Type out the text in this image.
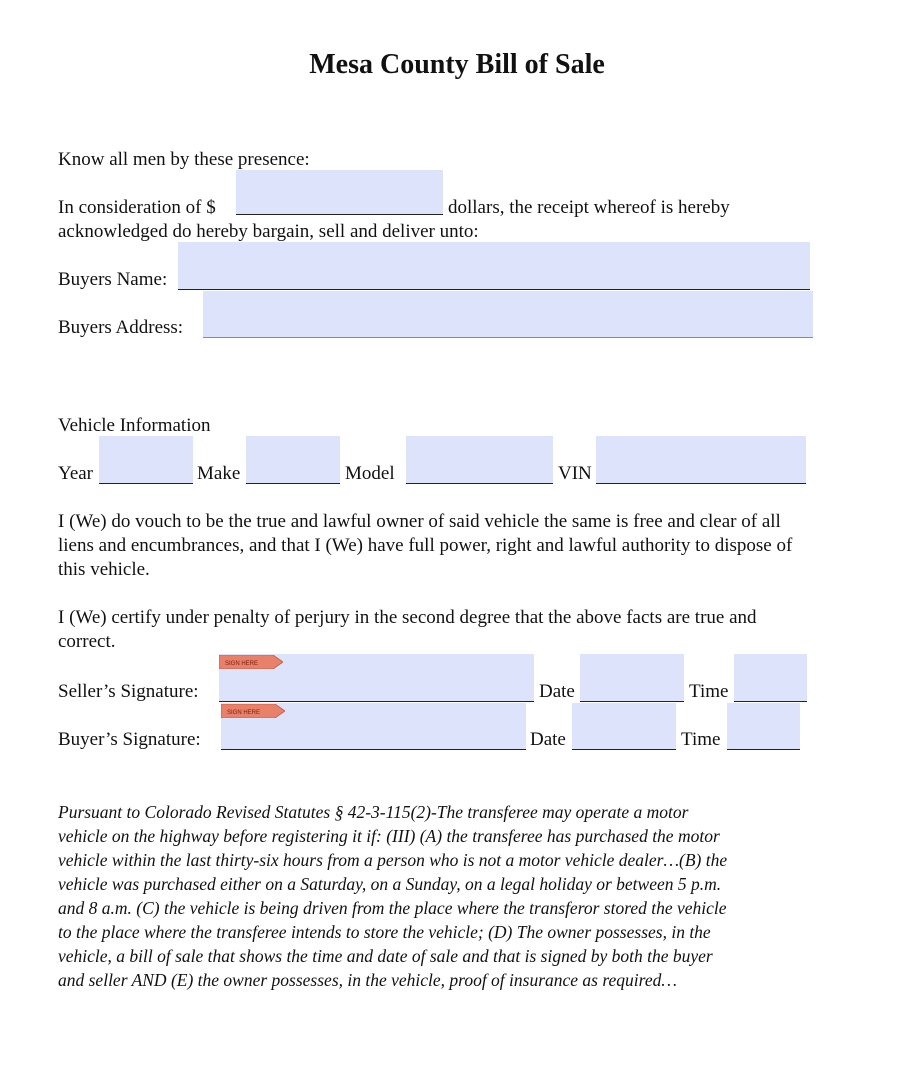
Mesa County Bill of Sale
Know all men by these presence:
In consideration of $	dollars, the receipt whereof is hereby
acknowledged do hereby bargain, sell and deliver unto:
Buyers Name:
Buyers Address:
Vehicle Information
Year	Make	Model	VIN
I (We) do vouch to be the true and lawful owner of said vehicle the same is free and clear of all
liens and encumbrances, and that I (We) have full power, right and lawful authority to dispose of
this vehicle.
I (We) certify under penalty of perjury in the second degree that the above facts are true and
correct.
Seller’s Signature:
SIGN HERE
Date	Time
Buyer’s Signature:
SIGN HERE
Date	Time
Pursuant to Colorado Revised Statutes § 42-3-115(2)-The transferee may operate a motor
vehicle on the highway before registering it if: (III) (A) the transferee has purchased the motor
vehicle within the last thirty-six hours from a person who is not a motor vehicle dealer…(B) the
vehicle was purchased either on a Saturday, on a Sunday, on a legal holiday or between 5 p.m.
and 8 a.m. (C) the vehicle is being driven from the place where the transferor stored the vehicle
to the place where the transferee intends to store the vehicle; (D) The owner possesses, in the
vehicle, a bill of sale that shows the time and date of sale and that is signed by both the buyer
and seller AND (E) the owner possesses, in the vehicle, proof of insurance as required…
